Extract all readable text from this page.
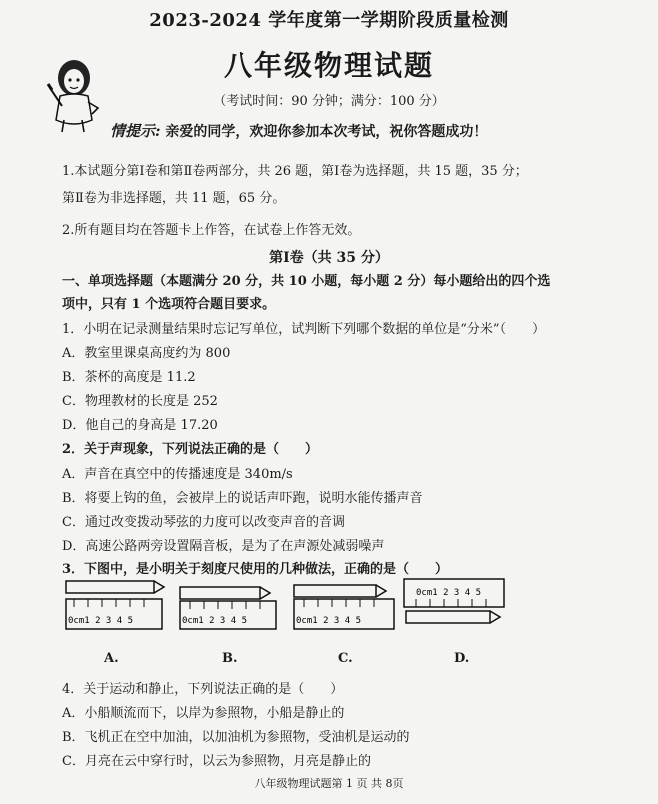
2023-2024 学年度第一学期阶段质量检测
八年级物理试题
（考试时间：90 分钟；满分：100 分）
情提示: 亲爱的同学，欢迎你参加本次考试，祝你答题成功！
1.本试题分第Ⅰ卷和第Ⅱ卷两部分，共 26 题，第Ⅰ卷为选择题，共 15 题，35 分；
第Ⅱ卷为非选择题，共 11 题，65 分。
2.所有题目均在答题卡上作答，在试卷上作答无效。
第Ⅰ卷（共 35 分）
一、单项选择题（本题满分 20 分，共 10 小题，每小题 2 分）每小题给出的四个选
项中，只有 1 个选项符合题目要求。
1．小明在记录测量结果时忘记写单位，试判断下列哪个数据的单位是“分米”（　　）
A．教室里课桌高度约为 800
B．茶杯的高度是 11.2
C．物理教材的长度是 252
D．他自己的身高是 17.20
2．关于声现象，下列说法正确的是（　　）
A．声音在真空中的传播速度是 340m/s
B．将要上钩的鱼，会被岸上的说话声吓跑，说明水能传播声音
C．通过改变拨动琴弦的力度可以改变声音的音调
D．高速公路两旁设置隔音板，是为了在声源处减弱噪声
3．下图中，是小明关于刻度尺使用的几种做法，正确的是（　　）
0cm1 2 3 4 5	0cm1 2 3 4 5	0cm1 2 3 4 5
0cm1 2 3 4 5
A.	B.	C.	D.
4．关于运动和静止，下列说法正确的是（　　）
A．小船顺流而下，以岸为参照物，小船是静止的
B．飞机正在空中加油，以加油机为参照物，受油机是运动的
C．月亮在云中穿行时，以云为参照物，月亮是静止的
八年级物理试题第 1 页 共 8页
